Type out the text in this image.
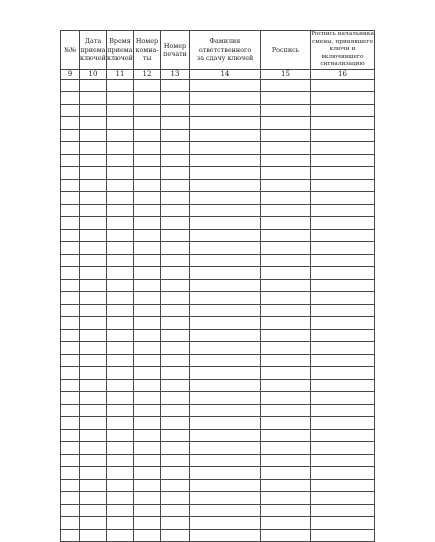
№№	Дата
приема
ключей	Время
приема
ключей	Номер
комна-
ты	Номер
печати	Фамилия
ответственного
за сдачу ключей	Роспись	Роспись начальника
смены, принявшего
ключи и включившего
сигнализацию

9	10	11	12	13	14	15	16
